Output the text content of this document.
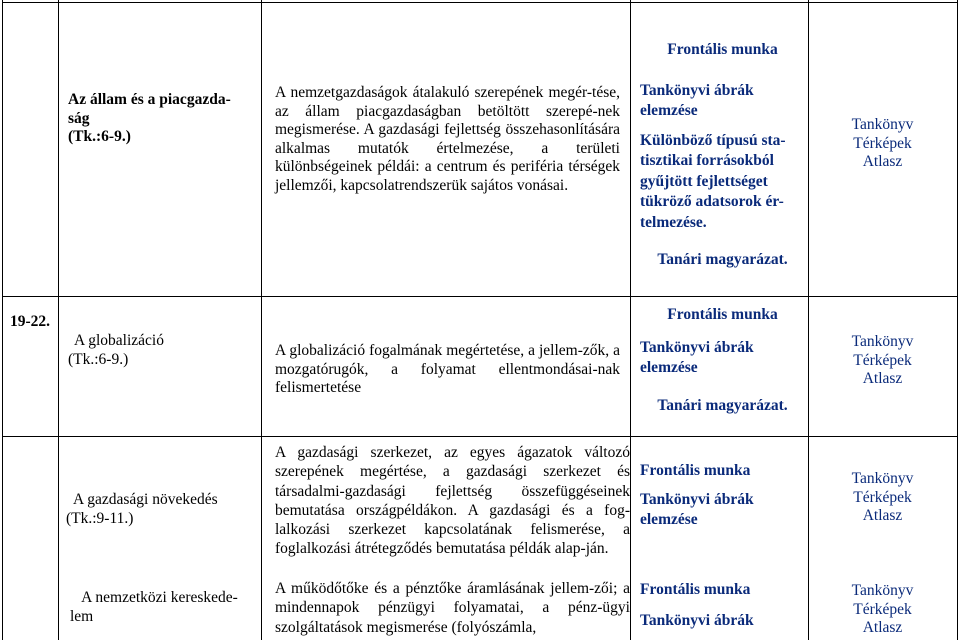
Az állam és a piacgazda-
ság
(Tk.:6-9.)
A nemzetgazdaságok átalakuló szerepének megér-tése, az állam piacgazdaságban betöltött szerepé-nek megismerése. A gazdasági fejlettség összehasonlítására alkalmas mutatók értelmezése, a területi különbségeinek példái: a centrum és periféria térségek jellemzői, kapcsolatrendszerük sajátos vonásai.
Frontális munka
Tankönyvi ábrák
elemzése
Különböző típusú sta-
tisztikai forrásokból
gyűjtött fejlettséget
tükröző adatsorok ér-
telmezése.
Tanári magyarázat.
Tankönyv
Térképek
Atlasz
19-22.
A globalizáció
(Tk.:6-9.)	A globalizáció fogalmának megértetése, a jellem-zők, a mozgatórugók, a folyamat ellentmondásai-nak felismertetése
Frontális munka
Tankönyvi ábrák
elemzése
Tanári magyarázat.
Tankönyv
Térképek
Atlasz
A gazdasági növekedés
(Tk.:9-11.)
A gazdasági szerkezet, az egyes ágazatok változó szerepének megértése, a gazdasági szerkezet és társadalmi-gazdasági fejlettség összefüggéseinek bemutatása országpéldákon. A gazdasági és a fog-lalkozási szerkezet kapcsolatának felismerése, a foglalkozási átrétegződés bemutatása példák alap-ján.
Frontális munka
Tankönyvi ábrák
elemzése
Tankönyv
Térképek
Atlasz
A nemzetközi kereskede-
lem
A működőtőke és a pénztőke áramlásának jellem-zői; a mindennapok pénzügyi folyamatai, a pénz-ügyi szolgáltatások megismerése (folyószámla,
Frontális munka
Tankönyvi ábrák
Tankönyv
Térképek
Atlasz
